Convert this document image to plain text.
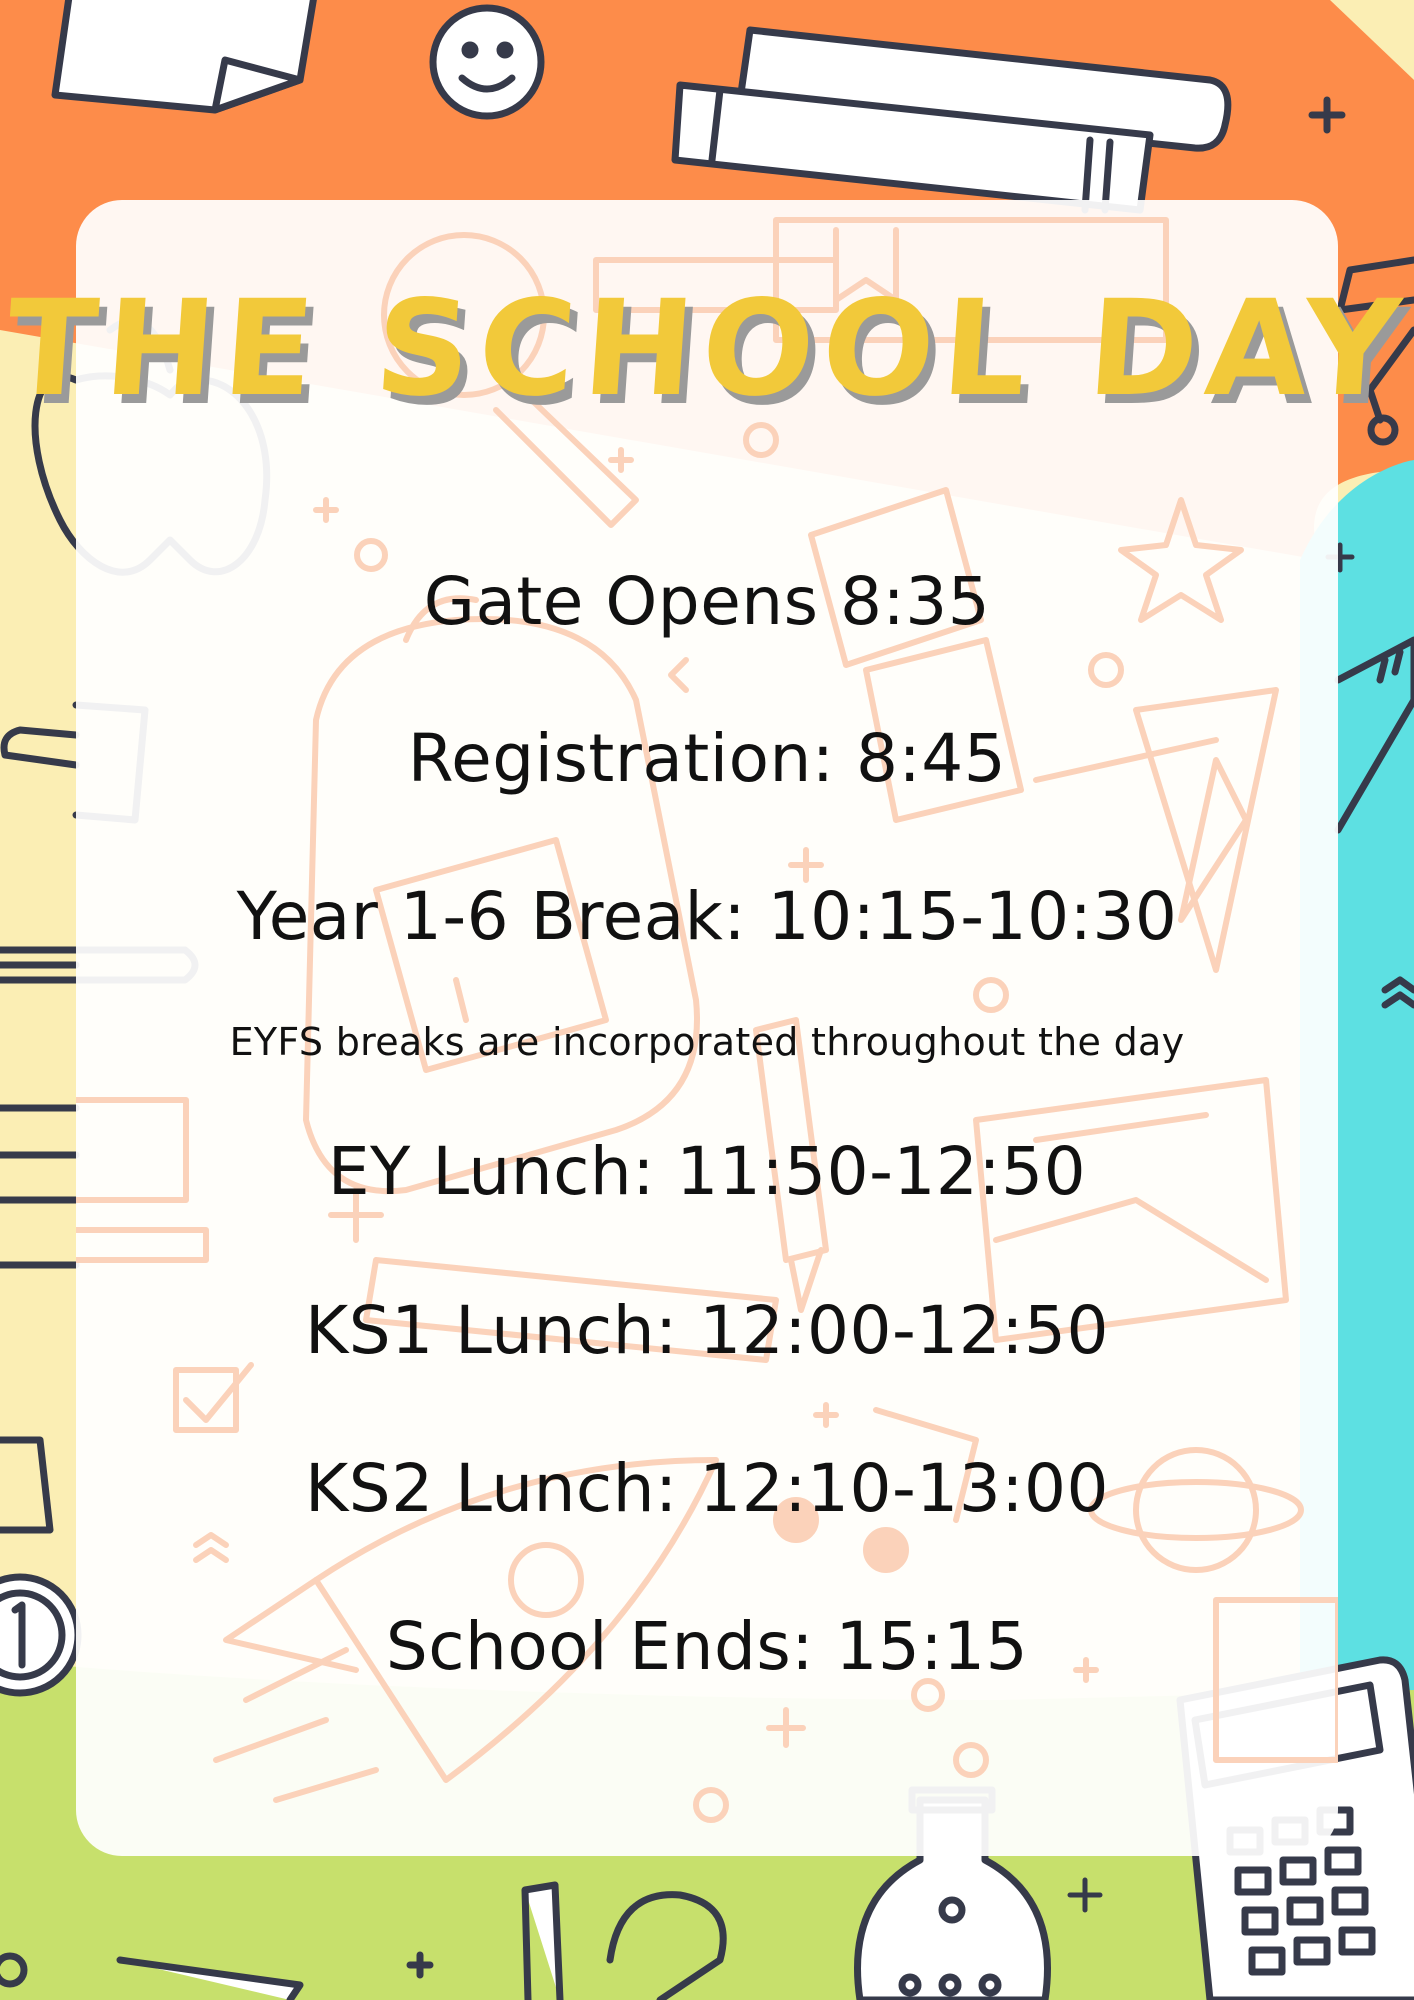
THE SCHOOL DAY
Gate Opens 8:35
Registration: 8:45
Year 1-6 Break: 10:15-10:30
EYFS breaks are incorporated throughout the day
EY Lunch: 11:50-12:50
KS1 Lunch: 12:00-12:50
KS2 Lunch: 12:10-13:00
School Ends: 15:15
